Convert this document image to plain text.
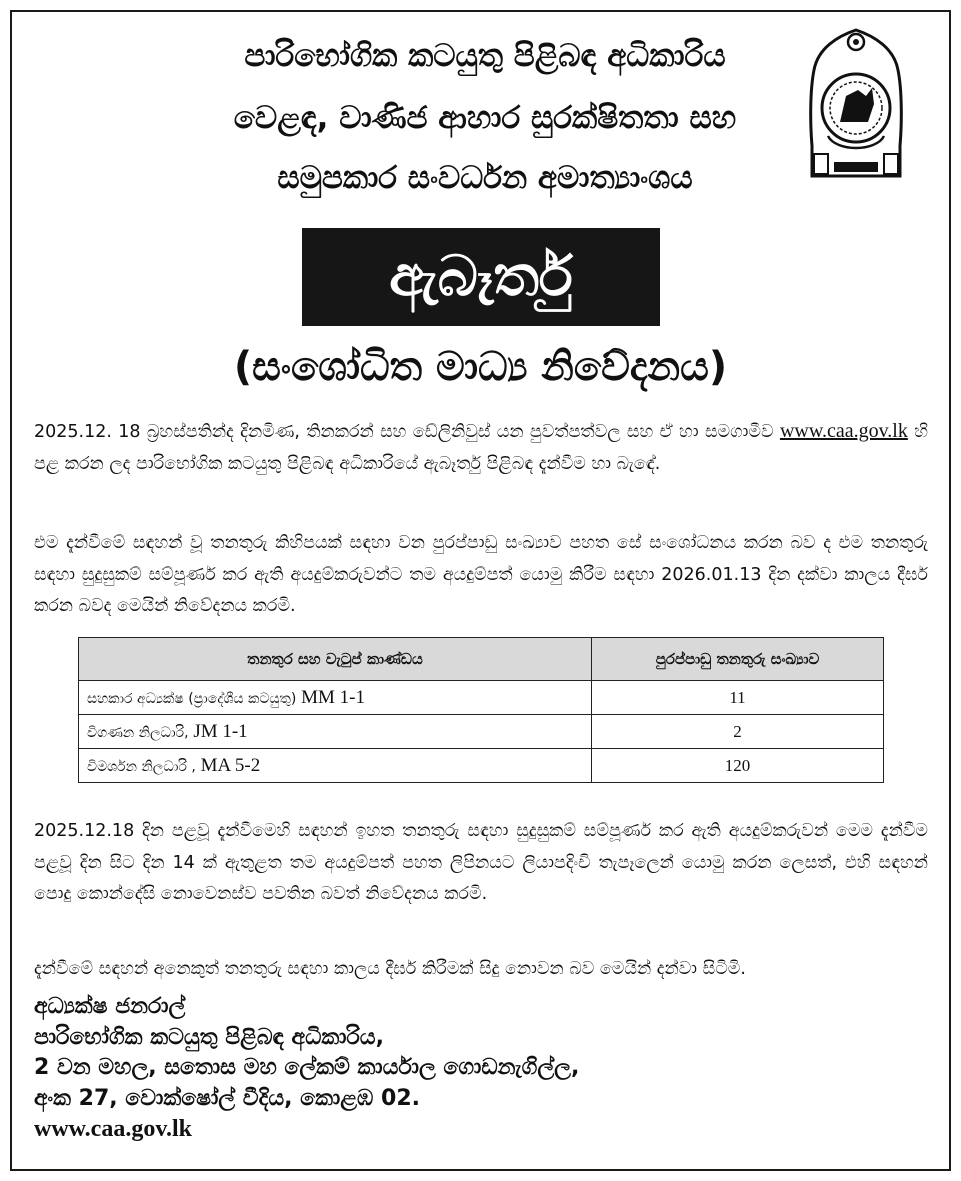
පාරිභෝගික කටයුතු පිළිබඳ අධිකාරිය
වෙළඳ, වාණිජ ආහාර සුරක්ෂිතතා සහ
සමුපකාර සංවර්ධන අමාත්‍යාංශය
ඇබෑර්තු
(සංශෝධිත මාධ්‍ය නිවේදනය)
2025.12. 18 බ්‍රහස්පතින්ද දිනමිණ, තිනකරන් සහ ඩේලිනිවුස් යන පුවත්පත්වල සහ ඒ හා සමගාමීව www.caa.gov.lk හි පළ කරන ලද පාරිභෝගික කටයුතු පිළිබඳ අධිකාරියේ ඇබෑර්තු පිළිබඳ දැන්වීම හා බැඳේ.
එම දැන්වීමේ සඳහන් වූ තනතුරු කිහිපයක් සඳහා වන පුරප්පාඩු සංඛ්‍යාව පහත සේ සංශෝධනය කරන බව ද එම තනතුරු සඳහා සුදුසුකම් සම්පූර්ණ කර ඇති අයදුම්කරුවන්ට තම අයදුම්පත් යොමු කිරීම සඳහා 2026.01.13 දින දක්වා කාලය දීර්ඝ කරන බවද මෙයින් නිවේදනය කරමි.
තනතුර සහ වැටුප් කාණ්ඩය	පුරප්පාඩු තනතුරු සංඛ්‍යාව
සහකාර අධ්‍යක්ෂ (ප්‍රාදේශීය කටයුතු) MM 1-1	11
විගණන නිලධාරි, JM 1-1	2
විමර්ශන නිලධාරි , MA 5-2	120
2025.12.18 දින පළවූ දැන්වීමෙහි සඳහන් ඉහත තනතුරු සඳහා සුදුසුකම් සම්පූර්ණ කර ඇති අයදුම්කරුවන් මෙම දැන්වීම පළවූ දින සිට දින 14 ක් ඇතුළත තම අයදුම්පත් පහත ලිපිනයට ලියාපදිංචි තැපෑලෙන් යොමු කරන ලෙසත්, එහි සඳහන් පොදු කොන්දේසි නොවෙනස්ව පවතින බවත් නිවේදනය කරමි.
දැන්වීමේ සඳහන් අනෙකුත් තනතුරු සඳහා කාලය දීර්ඝ කිරීමක් සිදු නොවන බව මෙයින් දන්වා සිටිමි.
අධ්‍යක්ෂ ජනරාල්
පාරිභෝගික කටයුතු පිළිබඳ අධිකාරිය,
2 වන මහල, සතොස මහ ලේකම් කාර්යාල ගොඩනැගිල්ල,
අංක 27, වොක්ෂෝල් වීදිය, කොළඹ 02.
www.caa.gov.lk
